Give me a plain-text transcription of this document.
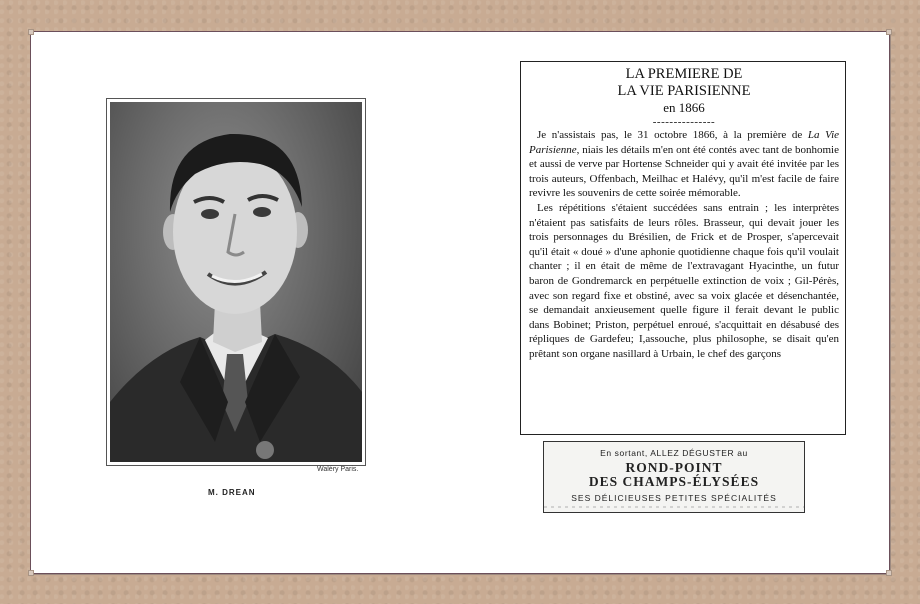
Waléry Paris.
M. DREAN
LA PREMIERE DE
LA VIE PARISIENNE
en 1866
---------------

Je n'assistais pas, le 31 octobre 1866, à la première de La Vie Parisienne, niais les détails m'en ont été contés avec tant de bonhomie et aussi de verve par Hortense Schneider qui y avait été invitée par les trois auteurs, Offenbach, Meilhac et Halévy, qu'il m'est facile de faire revivre les souvenirs de cette soirée mémorable.

Les répétitions s'étaient succédées sans entrain ; les interprètes n'étaient pas satisfaits de leurs rôles. Brasseur, qui devait jouer les trois personnages du Brésilien, de Frick et de Prosper, s'apercevait qu'il était « doué » d'une aphonie quotidienne chaque fois qu'il voulait chanter ; il en était de même de l'extravagant Hyacinthe, un futur baron de Gondremarck en perpétuelle extinction de voix ; Gil-Pérès, avec son regard fixe et obstiné, avec sa voix glacée et désenchantée, se demandait anxieusement quelle figure il ferait devant le public dans Bobinet; Priston, perpétuel enroué, s'acquittait en désabusé des répliques de Gardefeu; I,assouche, plus philosophe, se disait qu'en prêtant son organe nasillard à Urbain, le chef des garçons

En sortant, ALLEZ DÉGUSTER au
ROND-POINT
DES CHAMPS-ÉLYSÉES
SES DÉLICIEUSES PETITES SPÉCIALITÉS
